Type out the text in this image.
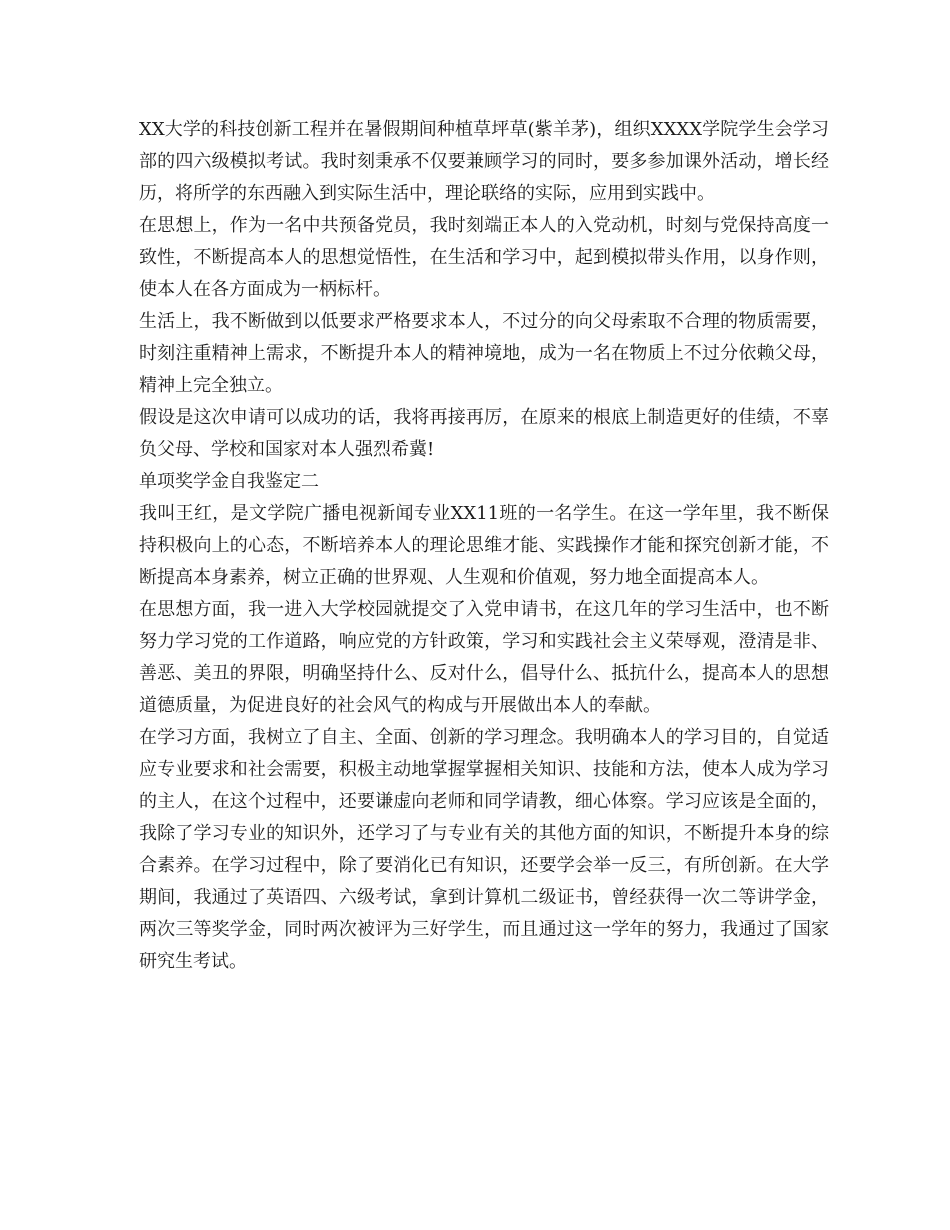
XX大学的科技创新工程并在暑假期间种植草坪草(紫羊茅)，组织XXXX学院学生会学习部的四六级模拟考试。我时刻秉承不仅要兼顾学习的同时，要多参加课外活动，增长经历，将所学的东西融入到实际生活中，理论联络的实际，应用到实践中。

在思想上，作为一名中共预备党员，我时刻端正本人的入党动机，时刻与党保持高度一致性，不断提高本人的思想觉悟性，在生活和学习中，起到模拟带头作用，以身作则，使本人在各方面成为一柄标杆。

生活上，我不断做到以低要求严格要求本人，不过分的向父母索取不合理的物质需要，时刻注重精神上需求，不断提升本人的精神境地，成为一名在物质上不过分依赖父母，精神上完全独立。

假设是这次申请可以成功的话，我将再接再厉，在原来的根底上制造更好的佳绩，不辜负父母、学校和国家对本人强烈希冀!

单项奖学金自我鉴定二

我叫王红，是文学院广播电视新闻专业XX11班的一名学生。在这一学年里，我不断保持积极向上的心态，不断培养本人的理论思维才能、实践操作才能和探究创新才能，不断提高本身素养，树立正确的世界观、人生观和价值观，努力地全面提高本人。

在思想方面，我一进入大学校园就提交了入党申请书，在这几年的学习生活中，也不断努力学习党的工作道路，响应党的方针政策，学习和实践社会主义荣辱观，澄清是非、善恶、美丑的界限，明确坚持什么、反对什么，倡导什么、抵抗什么，提高本人的思想道德质量，为促进良好的社会风气的构成与开展做出本人的奉献。

在学习方面，我树立了自主、全面、创新的学习理念。我明确本人的学习目的，自觉适应专业要求和社会需要，积极主动地掌握掌握相关知识、技能和方法，使本人成为学习的主人，在这个过程中，还要谦虚向老师和同学请教，细心体察。学习应该是全面的，我除了学习专业的知识外，还学习了与专业有关的其他方面的知识，不断提升本身的综合素养。在学习过程中，除了要消化已有知识，还要学会举一反三，有所创新。在大学期间，我通过了英语四、六级考试，拿到计算机二级证书，曾经获得一次二等讲学金，两次三等奖学金，同时两次被评为三好学生，而且通过这一学年的努力，我通过了国家研究生考试。
